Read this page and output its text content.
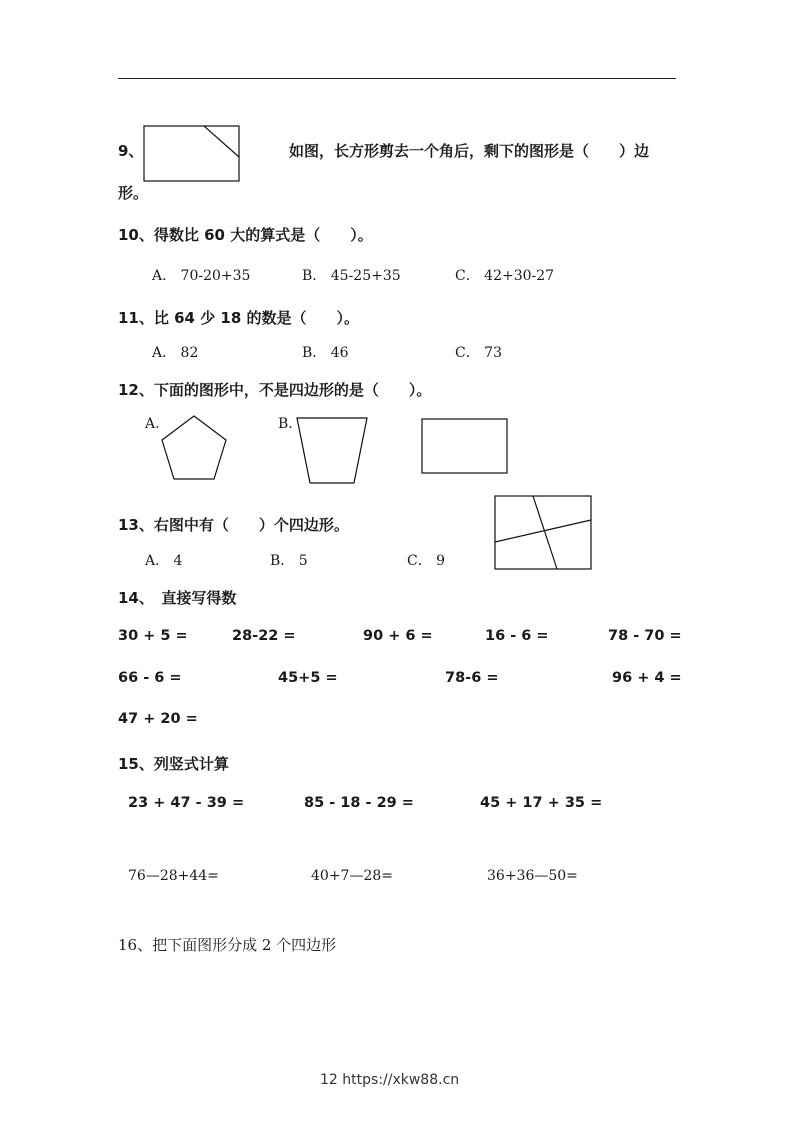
9、	如图，长方形剪去一个角后，剩下的图形是（　　）边
形。
10、得数比 60 大的算式是（　　）。
A． 70-20+35	B． 45-25+35	C． 42+30-27
11、比 64 少 18 的数是（　　）。
A． 82	B． 46	C． 73
12、下面的图形中，不是四边形的是（　　）。
A.	B.
13、右图中有（　　）个四边形。
A． 4	B． 5	C． 9
14、　直接写得数
30 + 5 =	28-22 =	90 + 6 =	16 - 6 =	78 - 70 =
66 - 6 =	45+5 =	78-6 =	96 + 4 =
47 + 20 =
15、列竖式计算
23 + 47 - 39 =	85 - 18 - 29 =	45 + 17 + 35 =
76—28+44=	40+7—28=	36+36—50=
16、把下面图形分成 2 个四边形
12 https://xkw88.cn
